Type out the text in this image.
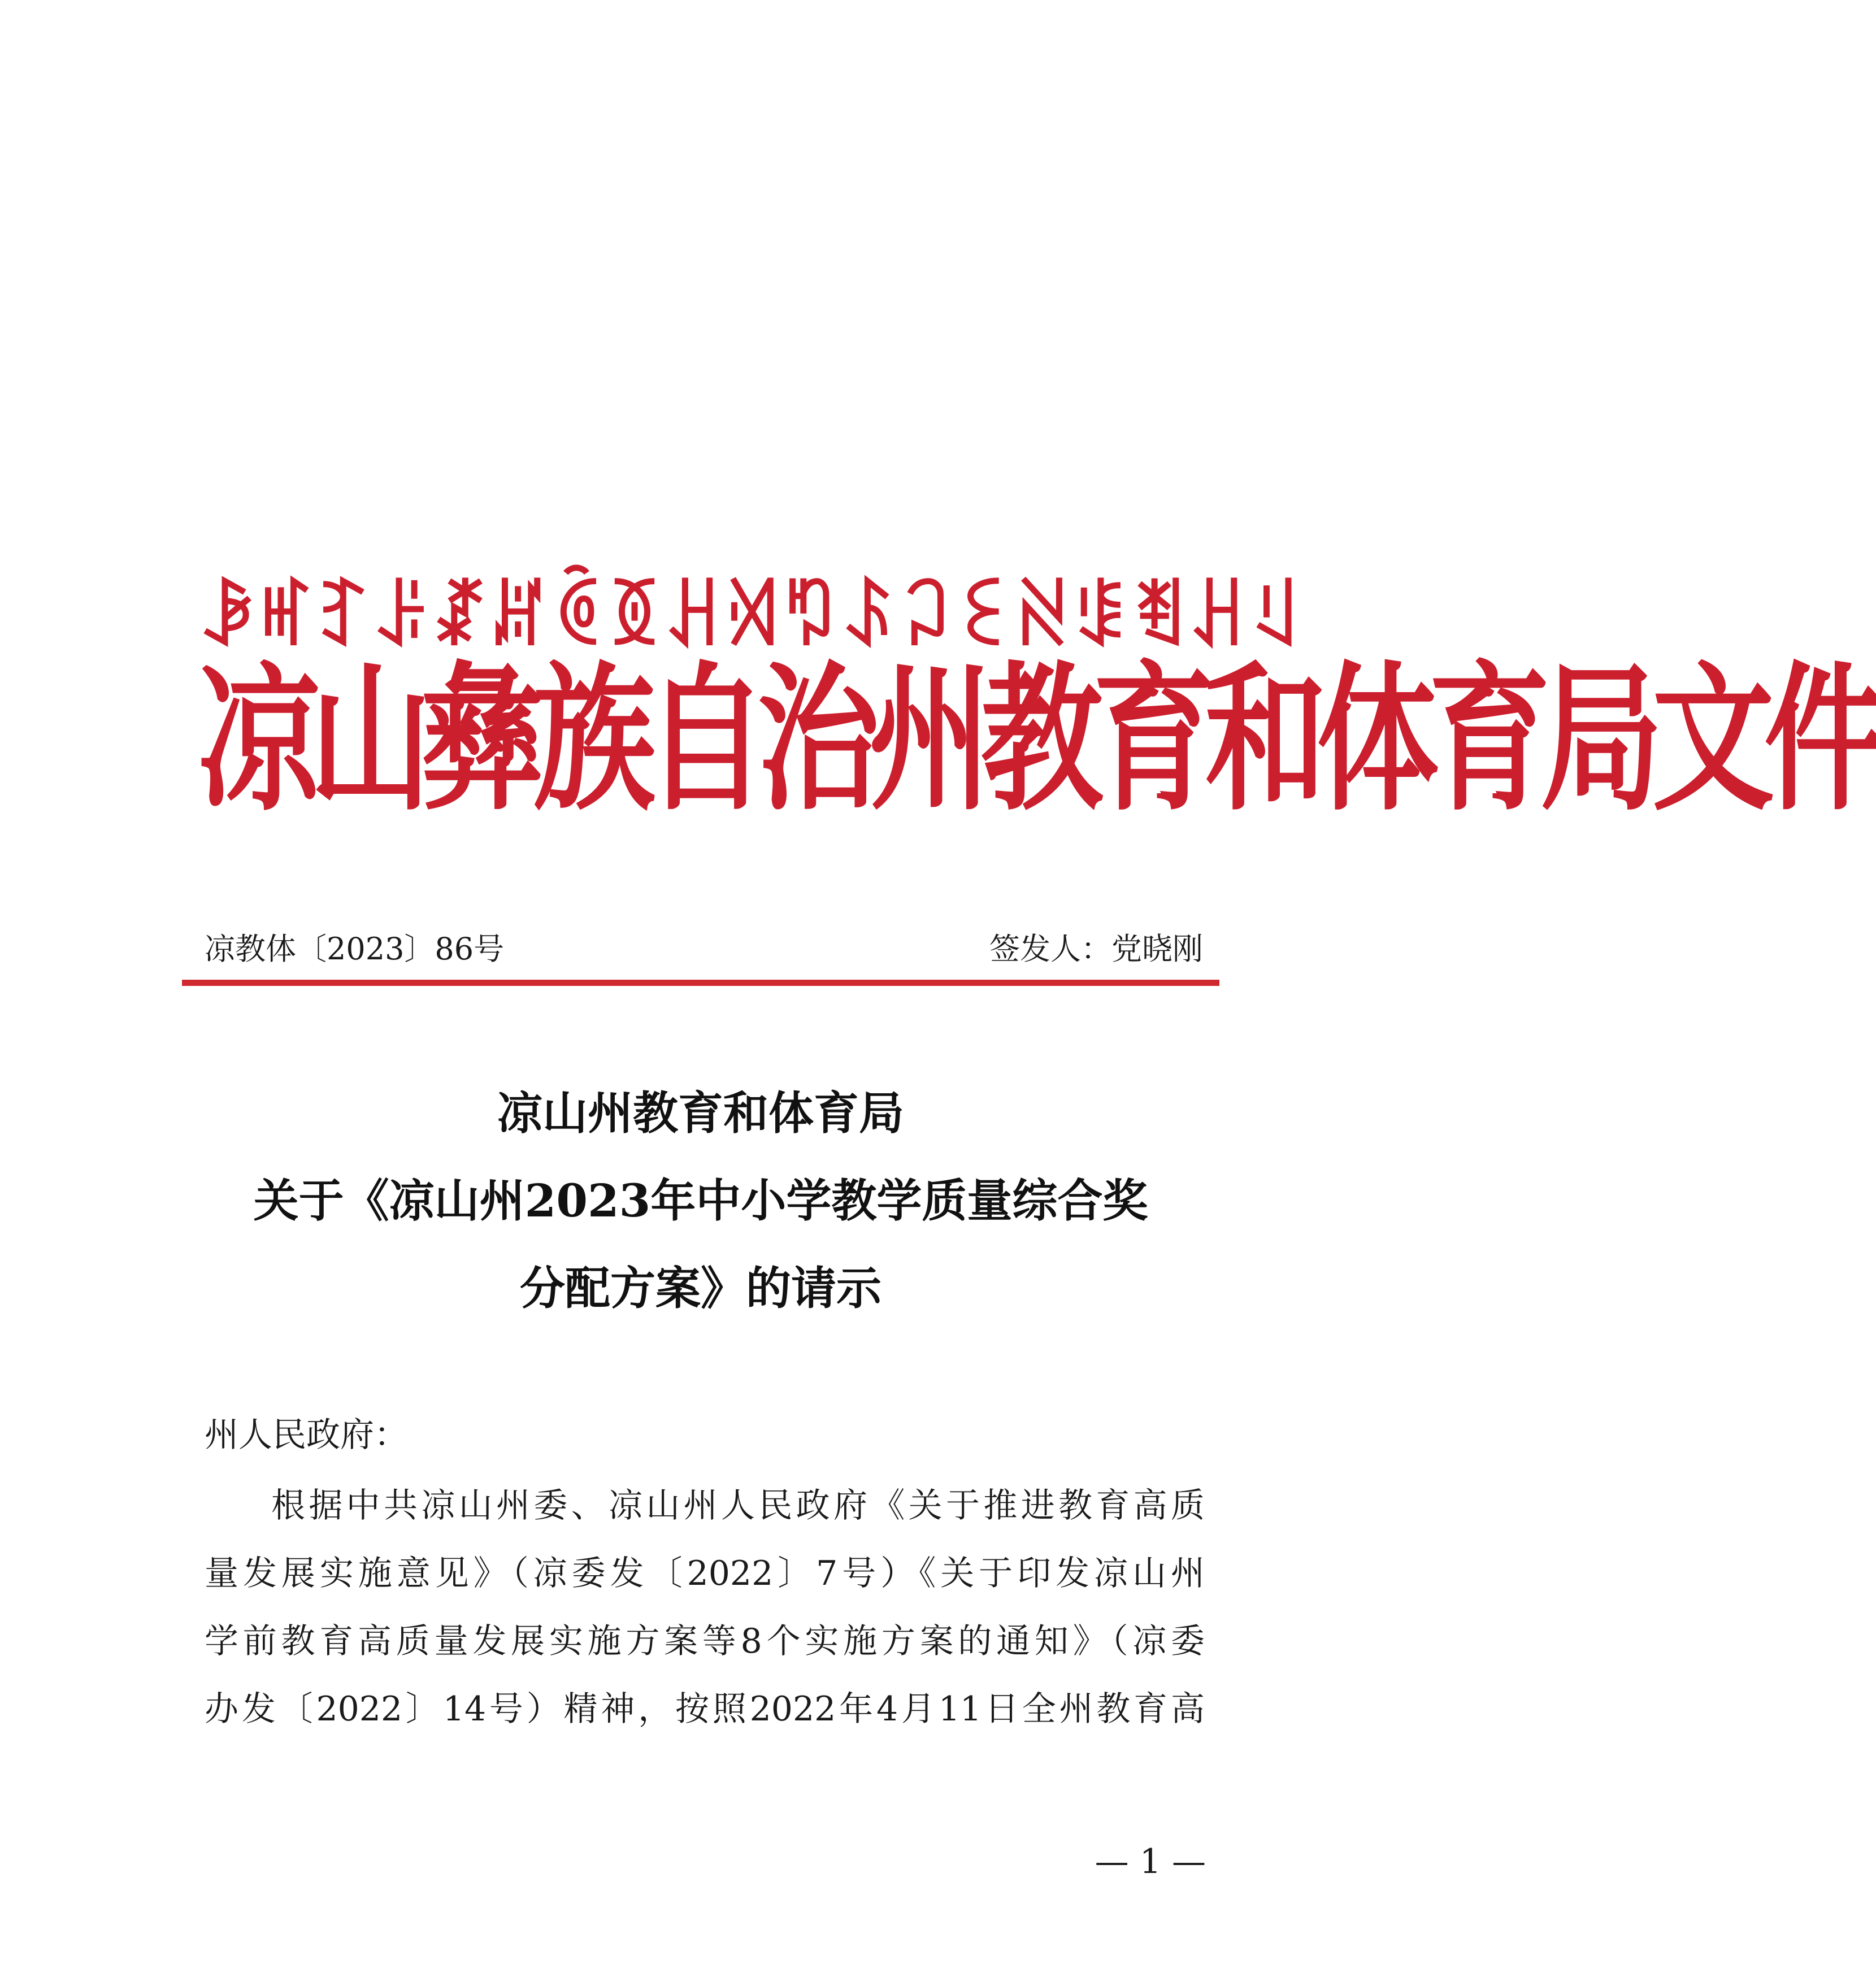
ꆃꎭꆈꌠꊨꏦꏱꅉꃅꄉꑳꌺꃀꏂꋊꌐꄮꃅꆹ
凉山彝族自治州教育和体育局文件
凉教体〔2023〕86号	签发人：党晓刚
凉山州教育和体育局
关于《凉山州2023年中小学教学质量综合奖
分配方案》的请示
州人民政府：
根据中共凉山州委、凉山州人民政府《关于推进教育高质
量发展实施意见》（凉委发〔2022〕7号）《关于印发凉山州
学前教育高质量发展实施方案等8个实施方案的通知》（凉委
办发〔2022〕14号）精神，按照2022年4月11日全州教育高
— 1 —
